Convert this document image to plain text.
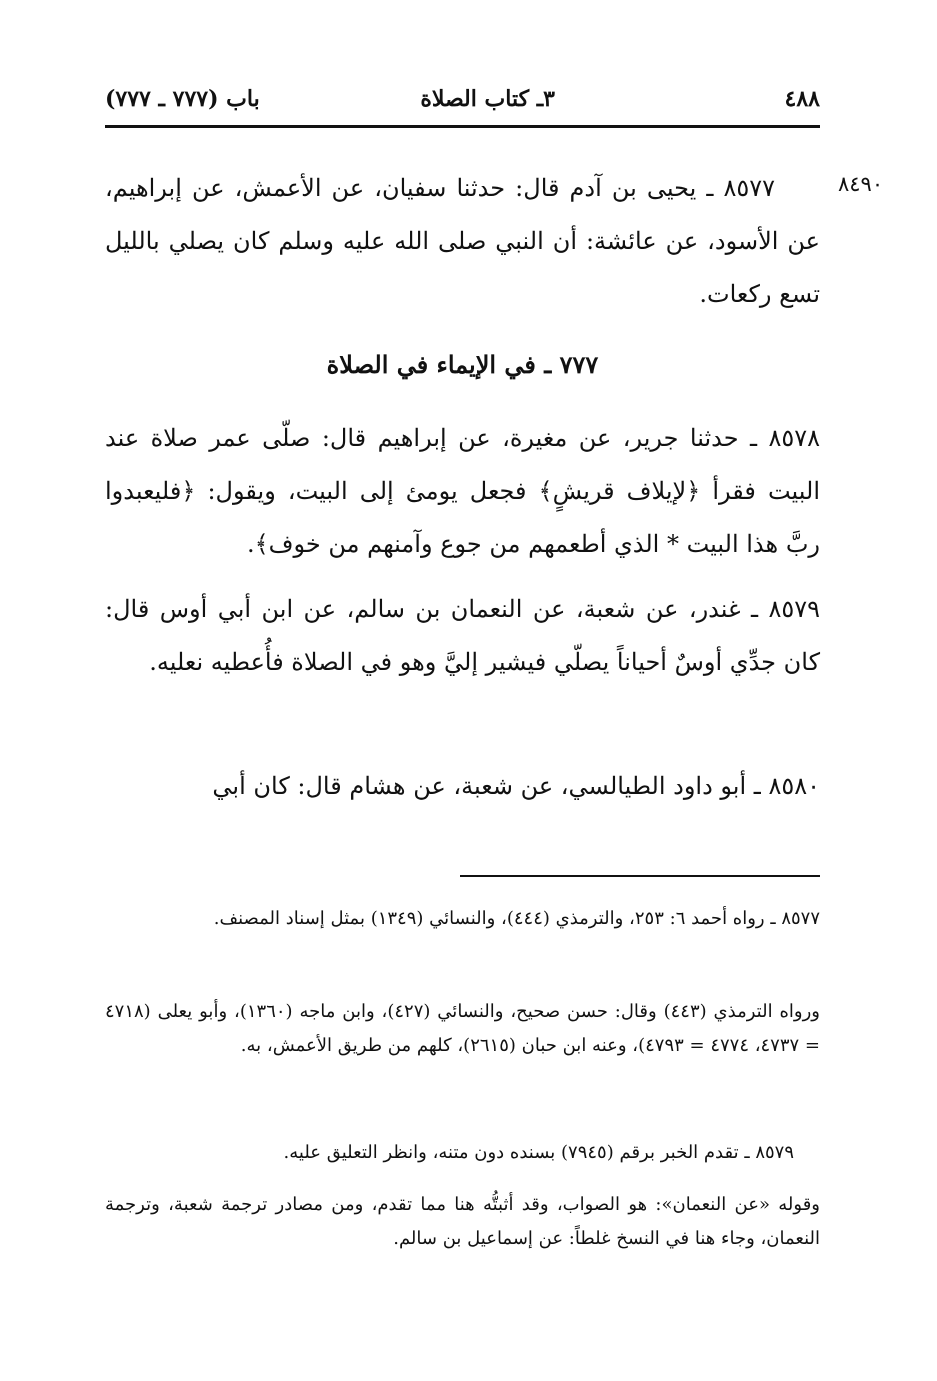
٤٨٨
٣ـ كتاب الصلاة
باب (٧٧٧ ـ ٧٧٧)
٨٤٩٠
٨٥٧٧ ـ يحيى بن آدم قال: حدثنا سفيان، عن الأعمش، عن إبراهيم، عن الأسود، عن عائشة: أن النبي صلى الله عليه وسلم كان يصلي بالليل تسع ركعات.
٧٧٧ ـ في الإيماء في الصلاة
٨٥٧٨ ـ حدثنا جرير، عن مغيرة، عن إبراهيم قال: صلّى عمر صلاة عند البيت فقرأ ﴿لإيلاف قريشٍ﴾ فجعل يومئ إلى البيت، ويقول: ﴿فليعبدوا ربَّ هذا البيت * الذي أطعمهم من جوع وآمنهم من خوف﴾.
٨٥٧٩ ـ غندر، عن شعبة، عن النعمان بن سالم، عن ابن أبي أوس قال: كان جدِّي أوسٌ أحياناً يصلّي فيشير إليَّ وهو في الصلاة فأُعطيه نعليه.
٨٥٨٠ ـ أبو داود الطيالسي، عن شعبة، عن هشام قال: كان أبي
٨٥٧٧ ـ رواه أحمد ٦: ٢٥٣، والترمذي (٤٤٤)، والنسائي (١٣٤٩) بمثل إسناد المصنف.
ورواه الترمذي (٤٤٣) وقال: حسن صحيح، والنسائي (٤٢٧)، وابن ماجه (١٣٦٠)، وأبو يعلى (٤٧١٨ = ٤٧٣٧، ٤٧٧٤ = ٤٧٩٣)، وعنه ابن حبان (٢٦١٥)، كلهم من طريق الأعمش، به.
٨٥٧٩ ـ تقدم الخبر برقم (٧٩٤٥) بسنده دون متنه، وانظر التعليق عليه.
وقوله «عن النعمان»: هو الصواب، وقد أثبتُّه هنا مما تقدم، ومن مصادر ترجمة شعبة، وترجمة النعمان، وجاء هنا في النسخ غلطاً: عن إسماعيل بن سالم.
